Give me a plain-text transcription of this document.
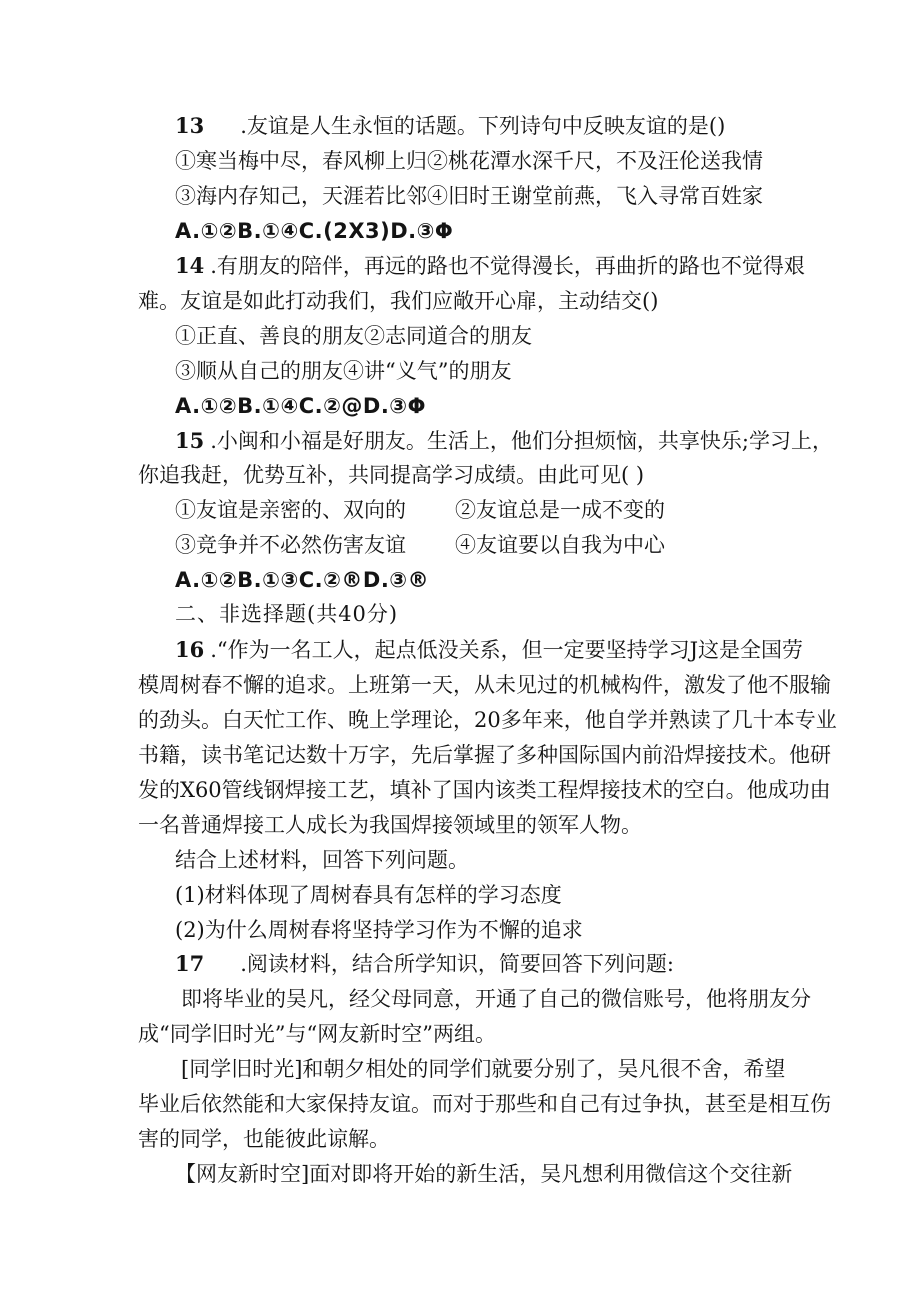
13 .友谊是人生永恒的话题。下列诗句中反映友谊的是()
①寒当梅中尽，春风柳上归②桃花潭水深千尺，不及汪伦送我情
③海内存知己，天涯若比邻④旧时王谢堂前燕，飞入寻常百姓家
A.①②B.①④C.(2X3)D.③Φ
14 .有朋友的陪伴，再远的路也不觉得漫长，再曲折的路也不觉得艰
难。友谊是如此打动我们，我们应敞开心扉，主动结交()
①正直、善良的朋友②志同道合的朋友
③顺从自己的朋友④讲“义气”的朋友
A.①②B.①④C.②@D.③Φ
15 .小闽和小福是好朋友。生活上，他们分担烦恼，共享快乐;学习上，
你追我赶，优势互补，共同提高学习成绩。由此可见( )
①友谊是亲密的、双向的 ②友谊总是一成不变的
③竞争并不必然伤害友谊 ④友谊要以自我为中心
A.①②B.①③C.②®D.③®
二、非选择题(共40分)
16 .“作为一名工人，起点低没关系，但一定要坚持学习J这是全国劳
模周树春不懈的追求。上班第一天，从未见过的机械构件，激发了他不服输
的劲头。白天忙工作、晚上学理论，20多年来，他自学并熟读了几十本专业
书籍，读书笔记达数十万字，先后掌握了多种国际国内前沿焊接技术。他研
发的X60管线钢焊接工艺，填补了国内该类工程焊接技术的空白。他成功由
一名普通焊接工人成长为我国焊接领域里的领军人物。
结合上述材料，回答下列问题。
(1)材料体现了周树春具有怎样的学习态度
(2)为什么周树春将坚持学习作为不懈的追求
17 .阅读材料，结合所学知识，简要回答下列问题:
即将毕业的吴凡，经父母同意，开通了自己的微信账号，他将朋友分
成“同学旧时光”与“网友新时空”两组。
[同学旧时光]和朝夕相处的同学们就要分别了，吴凡很不舍，希望
毕业后依然能和大家保持友谊。而对于那些和自己有过争执，甚至是相互伤
害的同学，也能彼此谅解。
【网友新时空]面对即将开始的新生活，吴凡想利用微信这个交往新
